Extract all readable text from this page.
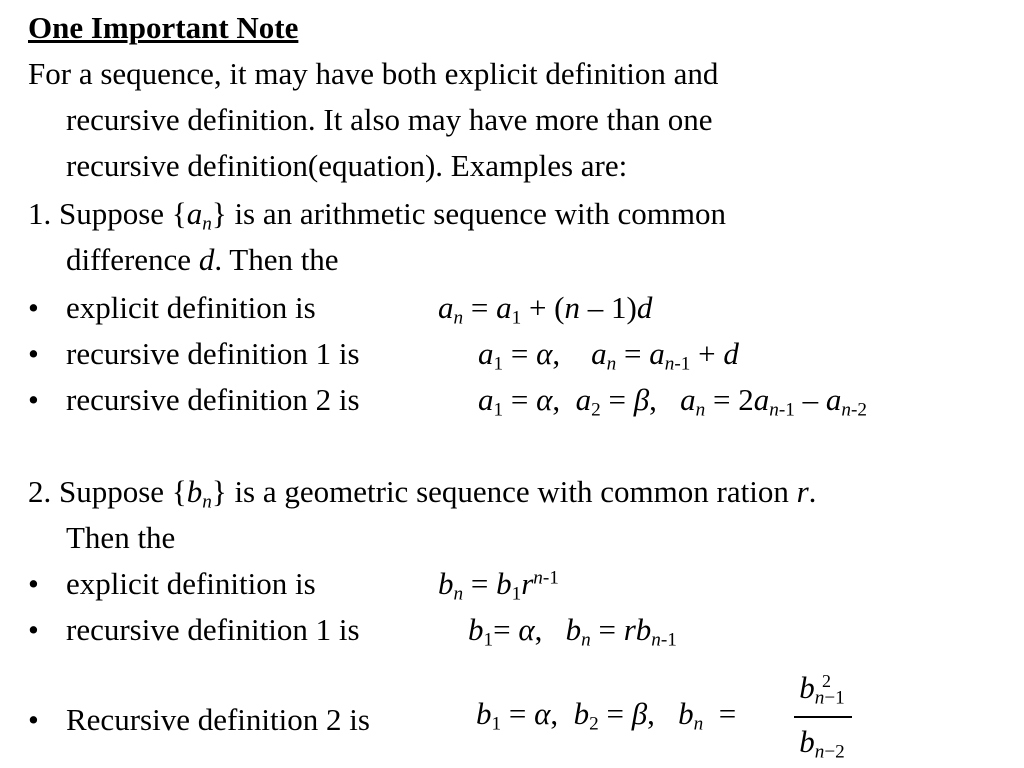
One Important Note
For a sequence, it may have both explicit definition and
recursive definition. It also may have more than one
recursive definition(equation). Examples are:
1. Suppose $\{a_n\}$ is an arithmetic sequence with common
difference d. Then the
• explicit definition is	$a_n = a_1 + (n - 1)d$
• recursive definition 1 is	$a_1 = \alpha$,    $a_n = a_{n-1} + d$
• recursive definition 2 is	$a_1 = \alpha$,  $a_2 = \beta$,   $a_n = 2a_{n-1} - a_{n-2}$
2. Suppose $\{b_n\}$ is a geometric sequence with common ration r.
Then the
• explicit definition is	$b_n = b_1r^{n-1}$
• recursive definition 1 is	$b_1= \alpha$,   $b_n = rb_{n-1}$
• Recursive definition 2 is	$b_1 = \alpha$,  $b_2 = \beta$,   $b_n$  =
$b_{n-1}$
2
$b_{n-2}$
